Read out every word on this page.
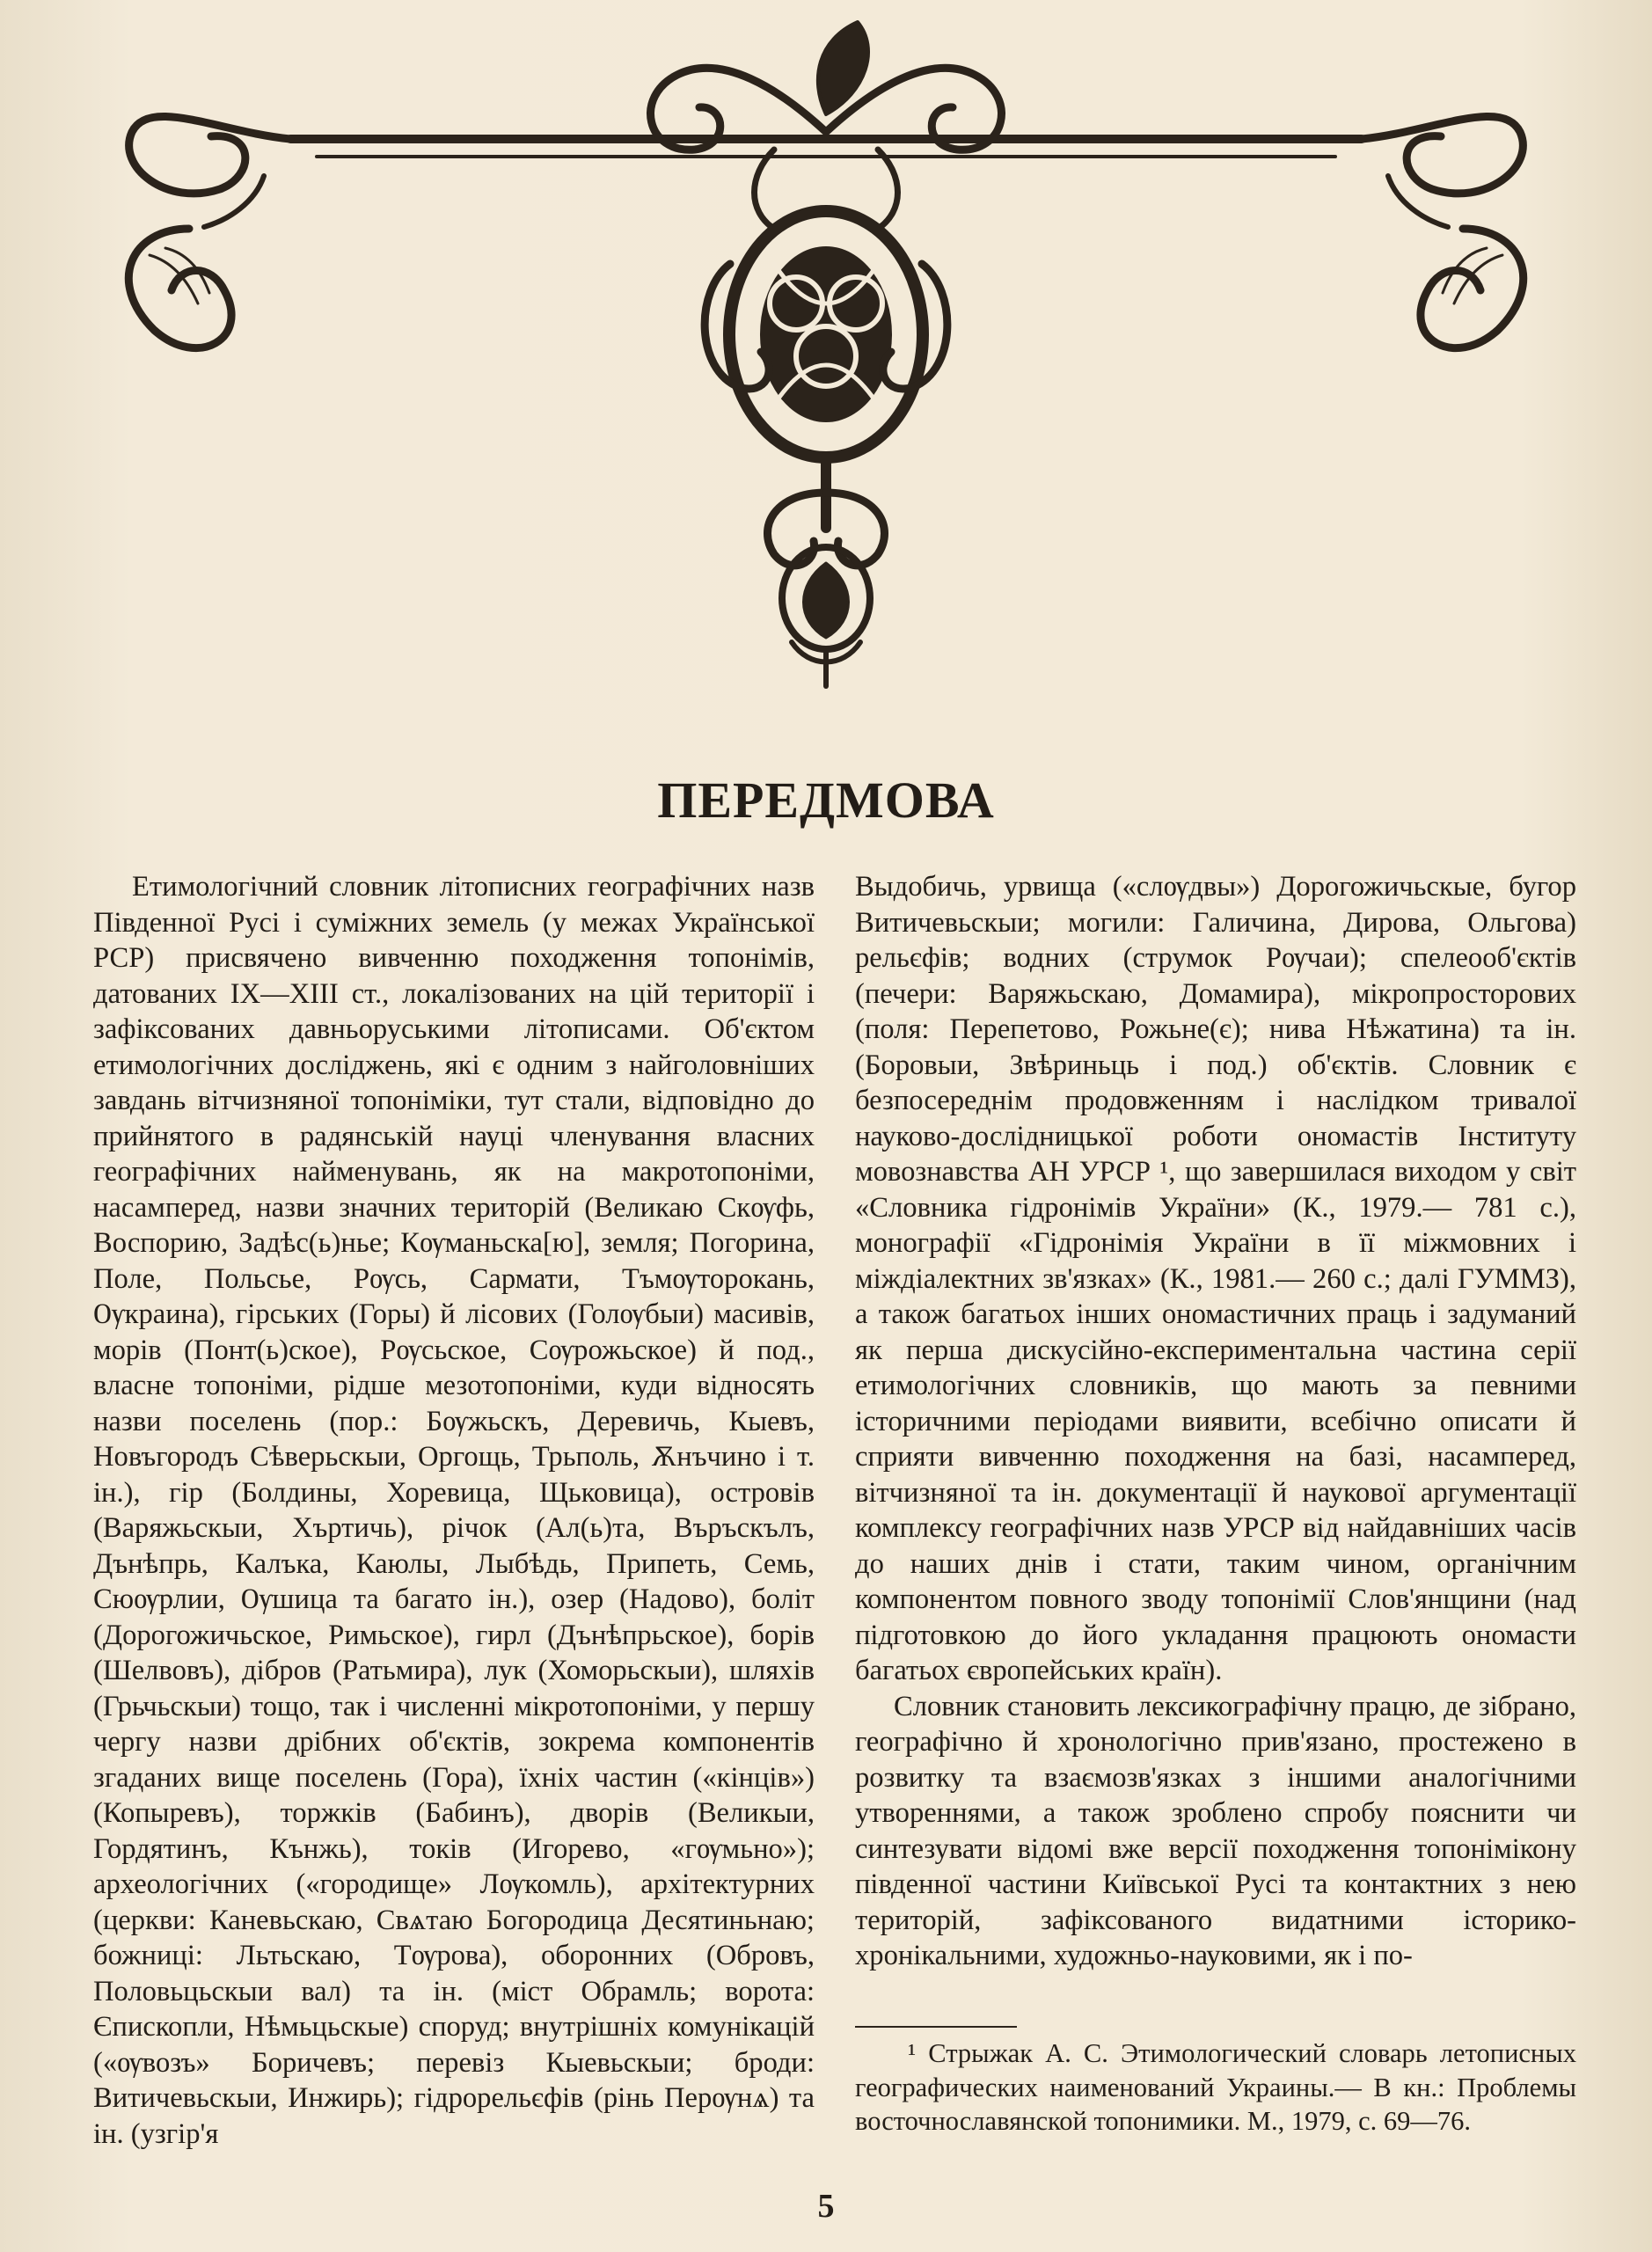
ПЕРЕДМОВА

Етимологічний словник літописних географічних назв Південної Русі і суміжних земель (у межах Української РСР) присвячено вивченню походження топонімів, датованих IX—XIII ст., локалізованих на цій території і зафіксованих давньоруськими літописами. Об'єктом етимологічних досліджень, які є одним з найголовніших завдань вітчизняної топоніміки, тут стали, відповідно до прийнятого в радянській науці членування власних географічних найменувань, як на макротопоніми, насамперед, назви значних територій (Великаю Скѹфь, Воспорию, Задѣс(ь)нье; Кѹманьска[ю], земля; Погорина, Поле, Польсье, Рѹсь, Сармати, Тъмѹторокань, Ѹкраина), гірських (Горы) й лісових (Голѹбыи) масивів, морів (Понт(ь)ское), Рѹсьское, Сѹрожьское) й под., власне топоніми, рідше мезотопоніми, куди відносять назви поселень (пор.: Бѹжьскъ, Деревичь, Кыевъ, Новъгородъ Сѣверьскыи, Оргощь, Трьполь, Ѫнъчино і т. ін.), гір (Болдины, Хоревица, Щьковица), островів (Варяжьскыи, Хъртичь), річок (Ал(ь)та, Въръскълъ, Дънѣпрь, Калъка, Каюлы, Лыбѣдь, Припеть, Семь, Сюѹрлии, Ѹшица та багато ін.), озер (Надово), боліт (Дорогожичьское, Римьское), гирл (Дънѣпрьское), борів (Шелвовъ), дібров (Ратьмира), лук (Хоморьскыи), шляхів (Грьчьскыи) тощо, так і численні мікротопоніми, у першу чергу назви дрібних об'єктів, зокрема компонентів згаданих вище поселень (Гора), їхніх частин («кінців») (Копыревъ), торжків (Бабинъ), дворів (Великыи, Гордятинъ, Кънжь), токів (Игорево, «гѹмьно»); археологічних («городище» Лѹкомль), архітектурних (церкви: Каневьскаю, Свѧтаю Богородица Десятиньнаю; божниці: Льтьскаю, Тѹрова), оборонних (Обровъ, Половьцьскыи вал) та ін. (міст Обрамль; ворота: Єпископли, Нѣмьцьскые) споруд; внутрішніх комунікацій («ѹвозъ» Боричевъ; перевіз Кыевьскыи; броди: Витичевьскыи, Инжирь); гідрорельєфів (рінь Перѹнѧ) та ін. (узгір'я

Выдобичь, урвища («слѹдвы») Дорогожичьскые, бугор Витичевьскыи; могили: Галичина, Дирова, Ольгова) рельєфів; водних (струмок Рѹчаи); спелеооб'єктів (печери: Варяжьскаю, Домамира), мікропросторових (поля: Перепетово, Рожьне(є); нива Нѣжатина) та ін. (Боровыи, Звѣриньць і под.) об'єктів. Словник є безпосереднім продовженням і наслідком тривалої науково-дослідницької роботи ономастів Інституту мовознавства АН УРСР ¹, що завершилася виходом у світ «Словника гідронімів України» (К., 1979.— 781 с.), монографії «Гідронімія України в її міжмовних і міждіалектних зв'язках» (К., 1981.— 260 с.; далі ГУММЗ), а також багатьох інших ономастичних праць і задуманий як перша дискусійно-експериментальна частина серії етимологічних словників, що мають за певними історичними періодами виявити, всебічно описати й сприяти вивченню походження на базі, насамперед, вітчизняної та ін. документації й наукової аргументації комплексу географічних назв УРСР від найдавніших часів до наших днів і стати, таким чином, органічним компонентом повного зводу топонімії Слов'янщини (над підготовкою до його укладання працюють ономасти багатьох європейських країн).

Словник становить лексикографічну працю, де зібрано, географічно й хронологічно прив'язано, простежено в розвитку та взаємозв'язках з іншими аналогічними утвореннями, а також зроблено спробу пояснити чи синтезувати відомі вже версії походження топонімікону південної частини Київської Русі та контактних з нею територій, зафіксованого видатними історико-хронікальними, художньо-науковими, як і по-

¹ Стрыжак А. С. Этимологический словарь летописных географических наименований Украины.— В кн.: Проблемы восточнославянской топонимики. М., 1979, с. 69—76.

5
